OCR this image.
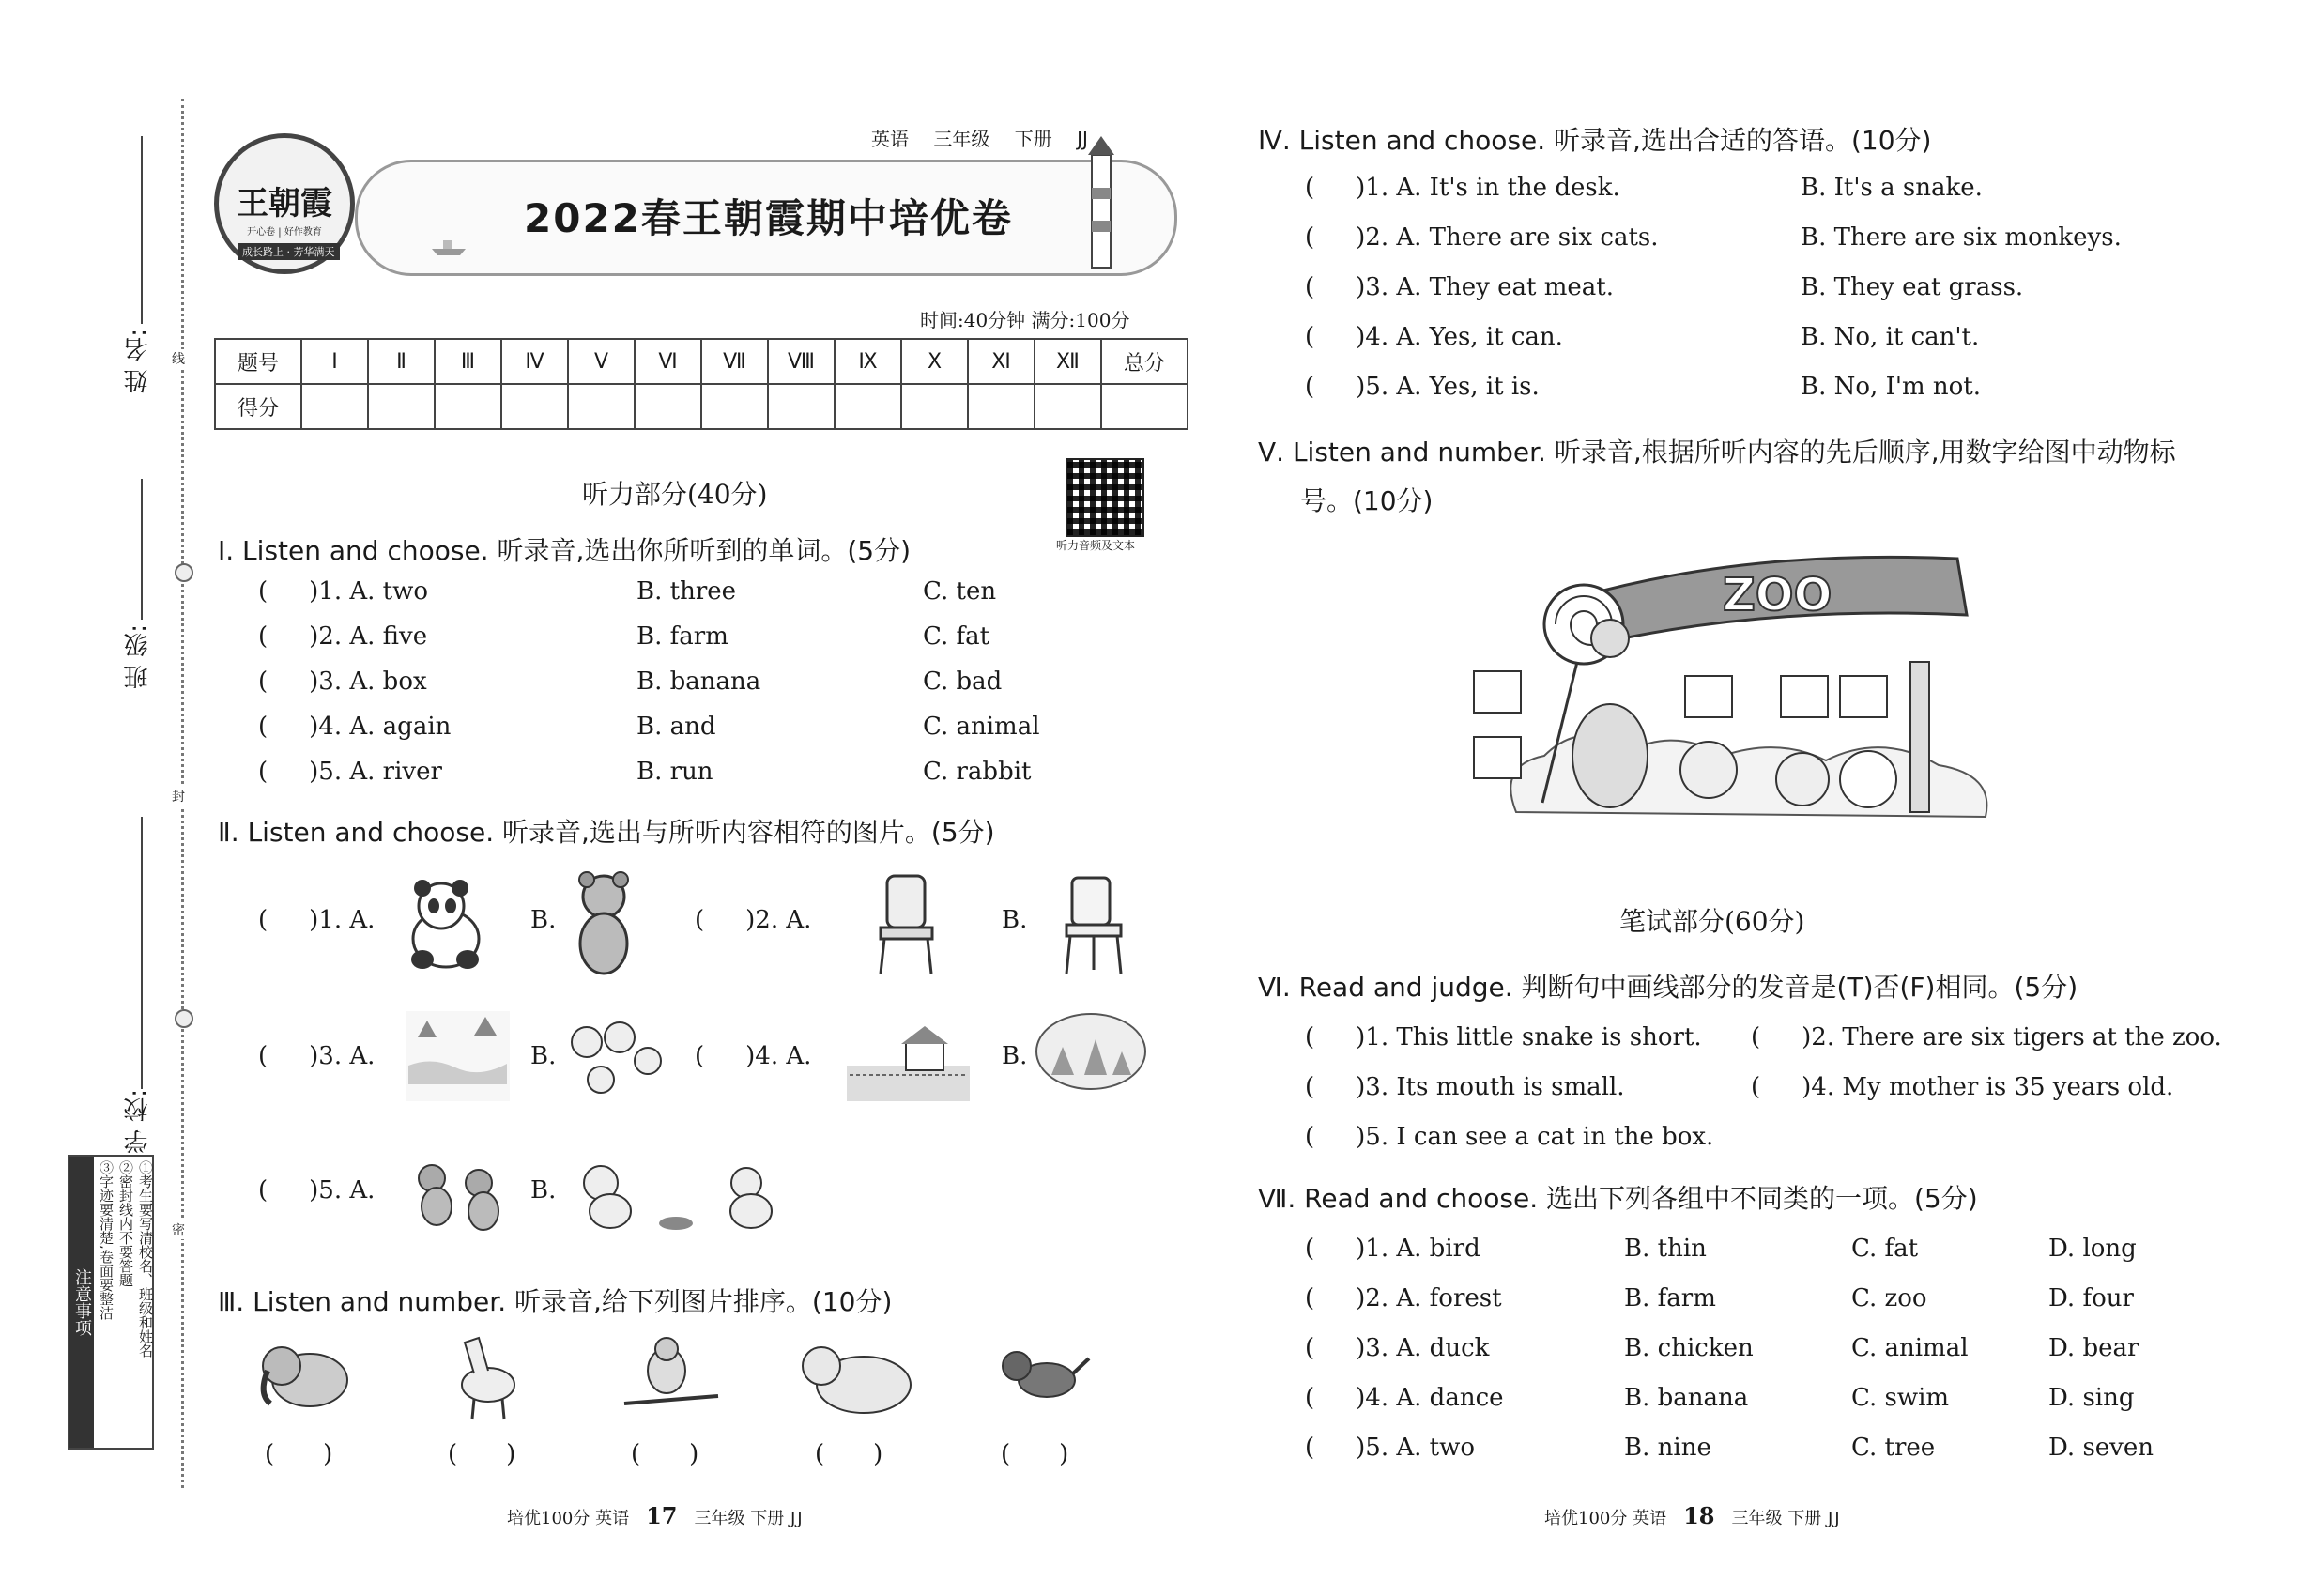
姓 名:
班 级:
学 校:
线
封
密
注意事项	①考生要写清校名、班级和姓名
②密封线内不要答题
③字迹要清楚,卷面要整洁
王朝霞
开心卷 | 好作教育
成长路上 · 芳华满天
英语 三年级 下册 JJ
2022春王朝霞期中培优卷
时间:40分钟 满分:100分
题号	Ⅰ	Ⅱ	Ⅲ	Ⅳ	Ⅴ	Ⅵ	Ⅶ	Ⅷ	Ⅸ	Ⅹ	Ⅺ	Ⅻ	总分
得分													
听力音频及文本
听力部分(40分)
Ⅰ. Listen and choose. 听录音,选出你所听到的单词。(5分)
( )1. A. two	B. three	C. ten
( )2. A. five	B. farm	C. fat
( )3. A. box	B. banana	C. bad
( )4. A. again	B. and	C. animal
( )5. A. river	B. run	C. rabbit
Ⅱ. Listen and choose. 听录音,选出与所听内容相符的图片。(5分)
( )1. A.	B.	( )2. A.	B.
( )3. A.	B.	( )4. A.	B.
( )5. A.	B.
Ⅲ. Listen and number. 听录音,给下列图片排序。(10分)
(　　)	(　　)	(　　)	(　　)	(　　)
培优100分 英语 17 三年级 下册 JJ
Ⅳ. Listen and choose. 听录音,选出合适的答语。(10分)
( )1. A. It's in the desk.	B. It's a snake.
( )2. A. There are six cats.	B. There are six monkeys.
( )3. A. They eat meat.	B. They eat grass.
( )4. A. Yes, it can.	B. No, it can't.
( )5. A. Yes, it is.	B. No, I'm not.
Ⅴ. Listen and number. 听录音,根据所听内容的先后顺序,用数字给图中动物标
号。(10分)
ZOO
笔试部分(60分)
Ⅵ. Read and judge. 判断句中画线部分的发音是(T)否(F)相同。(5分)
( )1. This little snake is short. ( )2. There are six tigers at the zoo.
( )3. Its mouth is small.	( )4. My mother is 35 years old.
( )5. I can see a cat in the box.
Ⅶ. Read and choose. 选出下列各组中不同类的一项。(5分)
( )1. A. bird	B. thin	C. fat	D. long
( )2. A. forest	B. farm	C. zoo	D. four
( )3. A. duck	B. chicken	C. animal	D. bear
( )4. A. dance	B. banana	C. swim	D. sing
( )5. A. two	B. nine	C. tree	D. seven
培优100分 英语 18 三年级 下册 JJ
